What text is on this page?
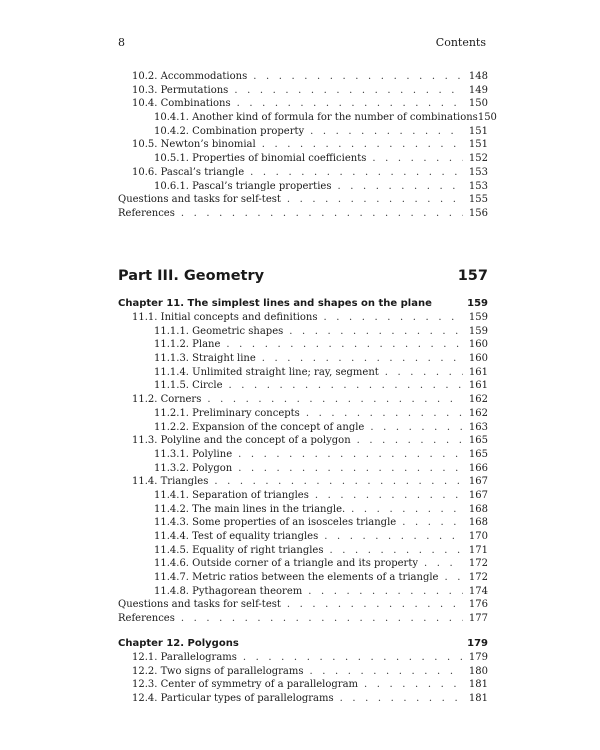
8	Contents
10.2. Accommodations . . .	148
10.3. Permutations . . .	149
10.4. Combinations . . .	150
10.4.1. Another kind of formula for the number of combinations 150
10.4.2. Combination property . . .	151
10.5. Newton’s binomial . . .	151
10.5.1. Properties of binomial coefficients . . .	152
10.6. Pascal’s triangle . . .	153
10.6.1. Pascal’s triangle properties . . .	153
Questions and tasks for self-test . . .	155
References . . .	156
Part III. Geometry	157
Chapter 11. The simplest lines and shapes on the plane	159
11.1. Initial concepts and definitions . . .	159
11.1.1. Geometric shapes . . .	159
11.1.2. Plane . . .	160
11.1.3. Straight line . . .	160
11.1.4. Unlimited straight line; ray, segment . . .	161
11.1.5. Circle . . .	161
11.2. Corners . . .	162
11.2.1. Preliminary concepts . . .	162
11.2.2. Expansion of the concept of angle . . .	163
11.3. Polyline and the concept of a polygon . . .	165
11.3.1. Polyline . . .	165
11.3.2. Polygon . . .	166
11.4. Triangles . . .	167
11.4.1. Separation of triangles . . .	167
11.4.2. The main lines in the triangle. . . .	168
11.4.3. Some properties of an isosceles triangle . . .	168
11.4.4. Test of equality triangles . . .	170
11.4.5. Equality of right triangles . . .	171
11.4.6. Outside corner of a triangle and its property . . .	172
11.4.7. Metric ratios between the elements of a triangle . . .	172
11.4.8. Pythagorean theorem . . .	174
Questions and tasks for self-test . . .	176
References . . .	177
Chapter 12. Polygons	179
12.1. Parallelograms . . .	179
12.2. Two signs of parallelograms . . .	180
12.3. Center of symmetry of a parallelogram . . .	181
12.4. Particular types of parallelograms . . .	181
